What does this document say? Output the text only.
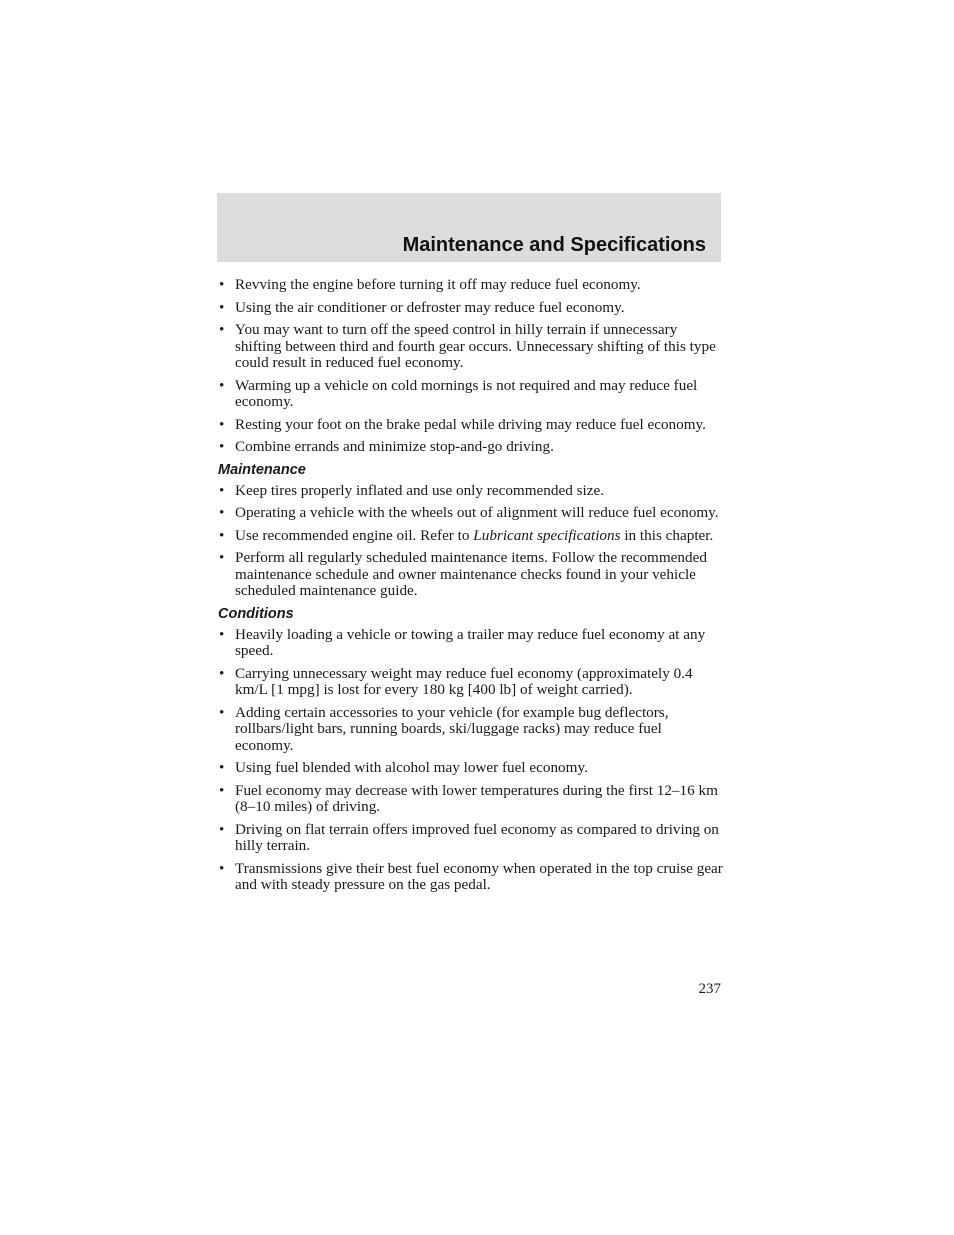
Maintenance and Specifications
• Revving the engine before turning it off may reduce fuel economy.
• Using the air conditioner or defroster may reduce fuel economy.
• You may want to turn off the speed control in hilly terrain if unnecessary shifting between third and fourth gear occurs. Unnecessary shifting of this type could result in reduced fuel economy.
• Warming up a vehicle on cold mornings is not required and may reduce fuel economy.
• Resting your foot on the brake pedal while driving may reduce fuel economy.
• Combine errands and minimize stop-and-go driving.
Maintenance
• Keep tires properly inflated and use only recommended size.
• Operating a vehicle with the wheels out of alignment will reduce fuel economy.
• Use recommended engine oil. Refer to Lubricant specifications in this chapter.
• Perform all regularly scheduled maintenance items. Follow the recommended maintenance schedule and owner maintenance checks found in your vehicle scheduled maintenance guide.
Conditions
• Heavily loading a vehicle or towing a trailer may reduce fuel economy at any speed.
• Carrying unnecessary weight may reduce fuel economy (approximately 0.4 km/L [1 mpg] is lost for every 180 kg [400 lb] of weight carried).
• Adding certain accessories to your vehicle (for example bug deflectors, rollbars/light bars, running boards, ski/luggage racks) may reduce fuel economy.
• Using fuel blended with alcohol may lower fuel economy.
• Fuel economy may decrease with lower temperatures during the first 12–16 km (8–10 miles) of driving.
• Driving on flat terrain offers improved fuel economy as compared to driving on hilly terrain.
• Transmissions give their best fuel economy when operated in the top cruise gear and with steady pressure on the gas pedal.
237
